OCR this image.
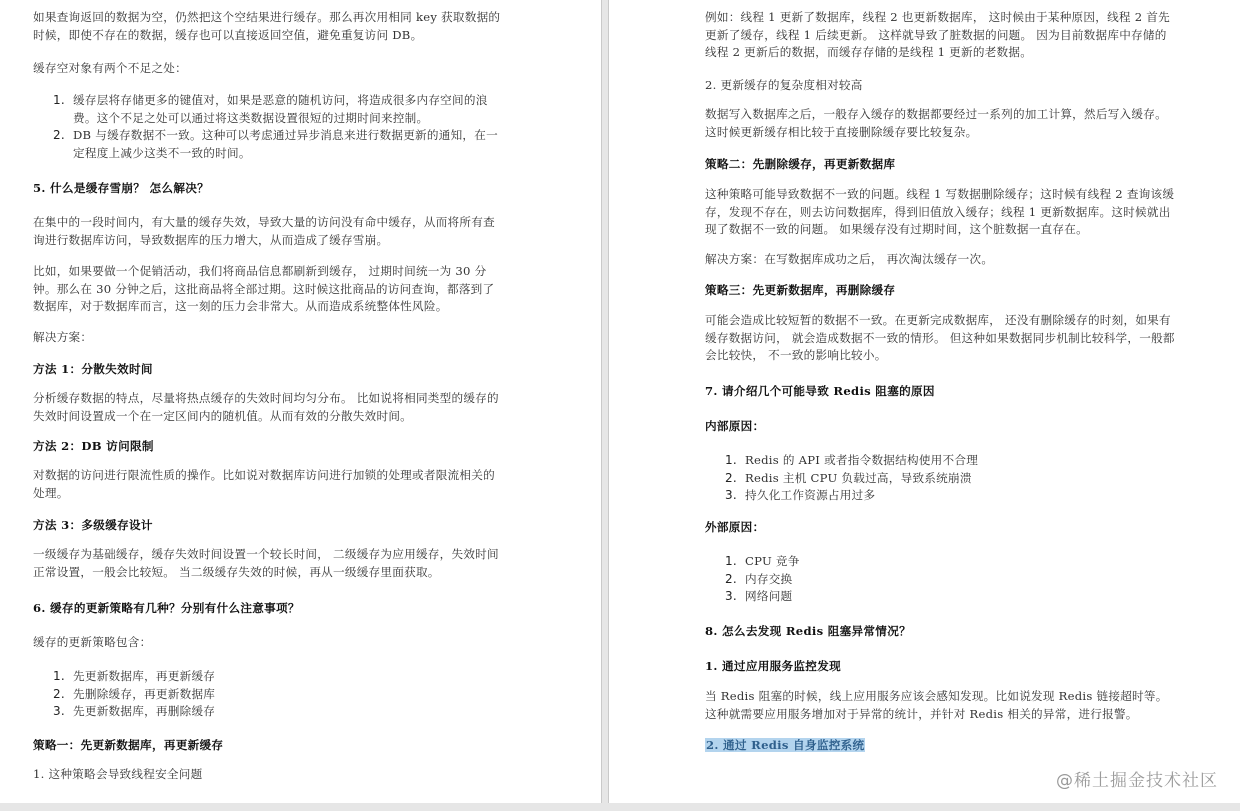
如果查询返回的数据为空，仍然把这个空结果进行缓存。那么再次用相同 key 获取数据的时候，即使不存在的数据，缓存也可以直接返回空值，避免重复访问 DB。

缓存空对象有两个不足之处：

1. 缓存层将存储更多的键值对，如果是恶意的随机访问，将造成很多内存空间的浪费。这个不足之处可以通过将这类数据设置很短的过期时间来控制。
2. DB 与缓存数据不一致。这种可以考虑通过异步消息来进行数据更新的通知，在一定程度上减少这类不一致的时间。

5. 什么是缓存雪崩？ 怎么解决？

在集中的一段时间内，有大量的缓存失效，导致大量的访问没有命中缓存，从而将所有查询进行数据库访问，导致数据库的压力增大，从而造成了缓存雪崩。

比如，如果要做一个促销活动，我们将商品信息都刷新到缓存， 过期时间统一为 30 分钟。那么在 30 分钟之后，这批商品将全部过期。这时候这批商品的访问查询，都落到了数据库，对于数据库而言，这一刻的压力会非常大。从而造成系统整体性风险。

解决方案：

方法 1：分散失效时间

分析缓存数据的特点，尽量将热点缓存的失效时间均匀分布。 比如说将相同类型的缓存的失效时间设置成一个在一定区间内的随机值。从而有效的分散失效时间。

方法 2：DB 访问限制

对数据的访问进行限流性质的操作。比如说对数据库访问进行加锁的处理或者限流相关的处理。

方法 3：多级缓存设计

一级缓存为基础缓存，缓存失效时间设置一个较长时间， 二级缓存为应用缓存，失效时间正常设置，一般会比较短。 当二级缓存失效的时候，再从一级缓存里面获取。

6. 缓存的更新策略有几种？分别有什么注意事项？

缓存的更新策略包含：

1. 先更新数据库，再更新缓存
2. 先删除缓存，再更新数据库
3. 先更新数据库，再删除缓存

策略一：先更新数据库，再更新缓存

1. 这种策略会导致线程安全问题

例如：线程 1 更新了数据库，线程 2 也更新数据库， 这时候由于某种原因，线程 2 首先更新了缓存，线程 1 后续更新。 这样就导致了脏数据的问题。 因为目前数据库中存储的线程 2 更新后的数据，而缓存存储的是线程 1 更新的老数据。

2. 更新缓存的复杂度相对较高

数据写入数据库之后，一般存入缓存的数据都要经过一系列的加工计算，然后写入缓存。 这时候更新缓存相比较于直接删除缓存要比较复杂。

策略二：先删除缓存，再更新数据库

这种策略可能导致数据不一致的问题。线程 1 写数据删除缓存；这时候有线程 2 查询该缓存，发现不存在，则去访问数据库，得到旧值放入缓存；线程 1 更新数据库。这时候就出现了数据不一致的问题。 如果缓存没有过期时间，这个脏数据一直存在。

解决方案：在写数据库成功之后， 再次淘汰缓存一次。

策略三：先更新数据库，再删除缓存

可能会造成比较短暂的数据不一致。在更新完成数据库， 还没有删除缓存的时刻，如果有缓存数据访问， 就会造成数据不一致的情形。 但这种如果数据同步机制比较科学，一般都会比较快， 不一致的影响比较小。

7. 请介绍几个可能导致 Redis 阻塞的原因

内部原因：

1. Redis 的 API 或者指令数据结构使用不合理
2. Redis 主机 CPU 负载过高，导致系统崩溃
3. 持久化工作资源占用过多

外部原因：

1. CPU 竞争
2. 内存交换
3. 网络问题

8. 怎么去发现 Redis 阻塞异常情况？

1. 通过应用服务监控发现

当 Redis 阻塞的时候，线上应用服务应该会感知发现。比如说发现 Redis 链接超时等。这种就需要应用服务增加对于异常的统计，并针对 Redis 相关的异常，进行报警。

2. 通过 Redis 自身监控系统

@稀土掘金技术社区
